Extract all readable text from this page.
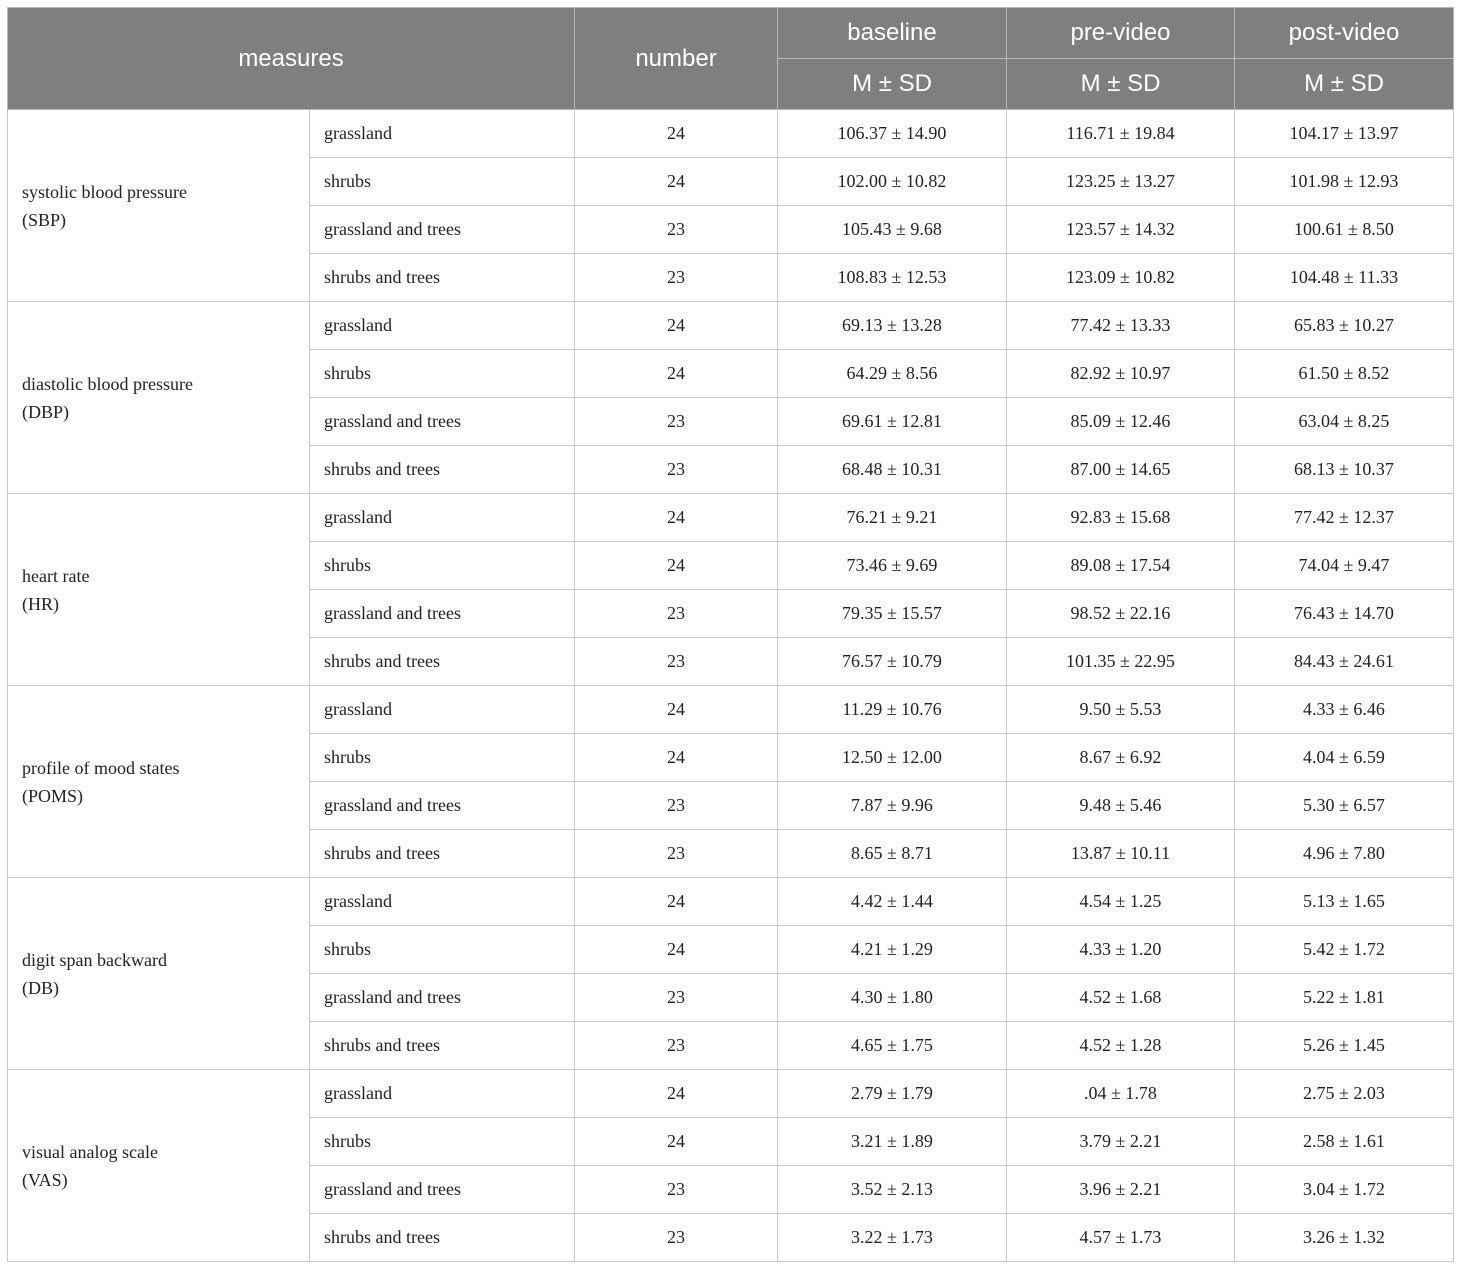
measures		number	baseline	pre-video	post-video
			M ± SD	M ± SD	M ± SD

systolic blood pressure
(SBP)	grassland	24	106.37 ± 14.90	116.71 ± 19.84	104.17 ± 13.97
	shrubs	24	102.00 ± 10.82	123.25 ± 13.27	101.98 ± 12.93
	grassland and trees	23	105.43 ± 9.68	123.57 ± 14.32	100.61 ± 8.50
	shrubs and trees	23	108.83 ± 12.53	123.09 ± 10.82	104.48 ± 11.33

diastolic blood pressure
(DBP)	grassland	24	69.13 ± 13.28	77.42 ± 13.33	65.83 ± 10.27
	shrubs	24	64.29 ± 8.56	82.92 ± 10.97	61.50 ± 8.52
	grassland and trees	23	69.61 ± 12.81	85.09 ± 12.46	63.04 ± 8.25
	shrubs and trees	23	68.48 ± 10.31	87.00 ± 14.65	68.13 ± 10.37

heart rate
(HR)	grassland	24	76.21 ± 9.21	92.83 ± 15.68	77.42 ± 12.37
	shrubs	24	73.46 ± 9.69	89.08 ± 17.54	74.04 ± 9.47
	grassland and trees	23	79.35 ± 15.57	98.52 ± 22.16	76.43 ± 14.70
	shrubs and trees	23	76.57 ± 10.79	101.35 ± 22.95	84.43 ± 24.61

profile of mood states
(POMS)	grassland	24	11.29 ± 10.76	9.50 ± 5.53	4.33 ± 6.46
	shrubs	24	12.50 ± 12.00	8.67 ± 6.92	4.04 ± 6.59
	grassland and trees	23	7.87 ± 9.96	9.48 ± 5.46	5.30 ± 6.57
	shrubs and trees	23	8.65 ± 8.71	13.87 ± 10.11	4.96 ± 7.80

digit span backward
(DB)	grassland	24	4.42 ± 1.44	4.54 ± 1.25	5.13 ± 1.65
	shrubs	24	4.21 ± 1.29	4.33 ± 1.20	5.42 ± 1.72
	grassland and trees	23	4.30 ± 1.80	4.52 ± 1.68	5.22 ± 1.81
	shrubs and trees	23	4.65 ± 1.75	4.52 ± 1.28	5.26 ± 1.45

visual analog scale
(VAS)	grassland	24	2.79 ± 1.79	.04 ± 1.78	2.75 ± 2.03
	shrubs	24	3.21 ± 1.89	3.79 ± 2.21	2.58 ± 1.61
	grassland and trees	23	3.52 ± 2.13	3.96 ± 2.21	3.04 ± 1.72
	shrubs and trees	23	3.22 ± 1.73	4.57 ± 1.73	3.26 ± 1.32
